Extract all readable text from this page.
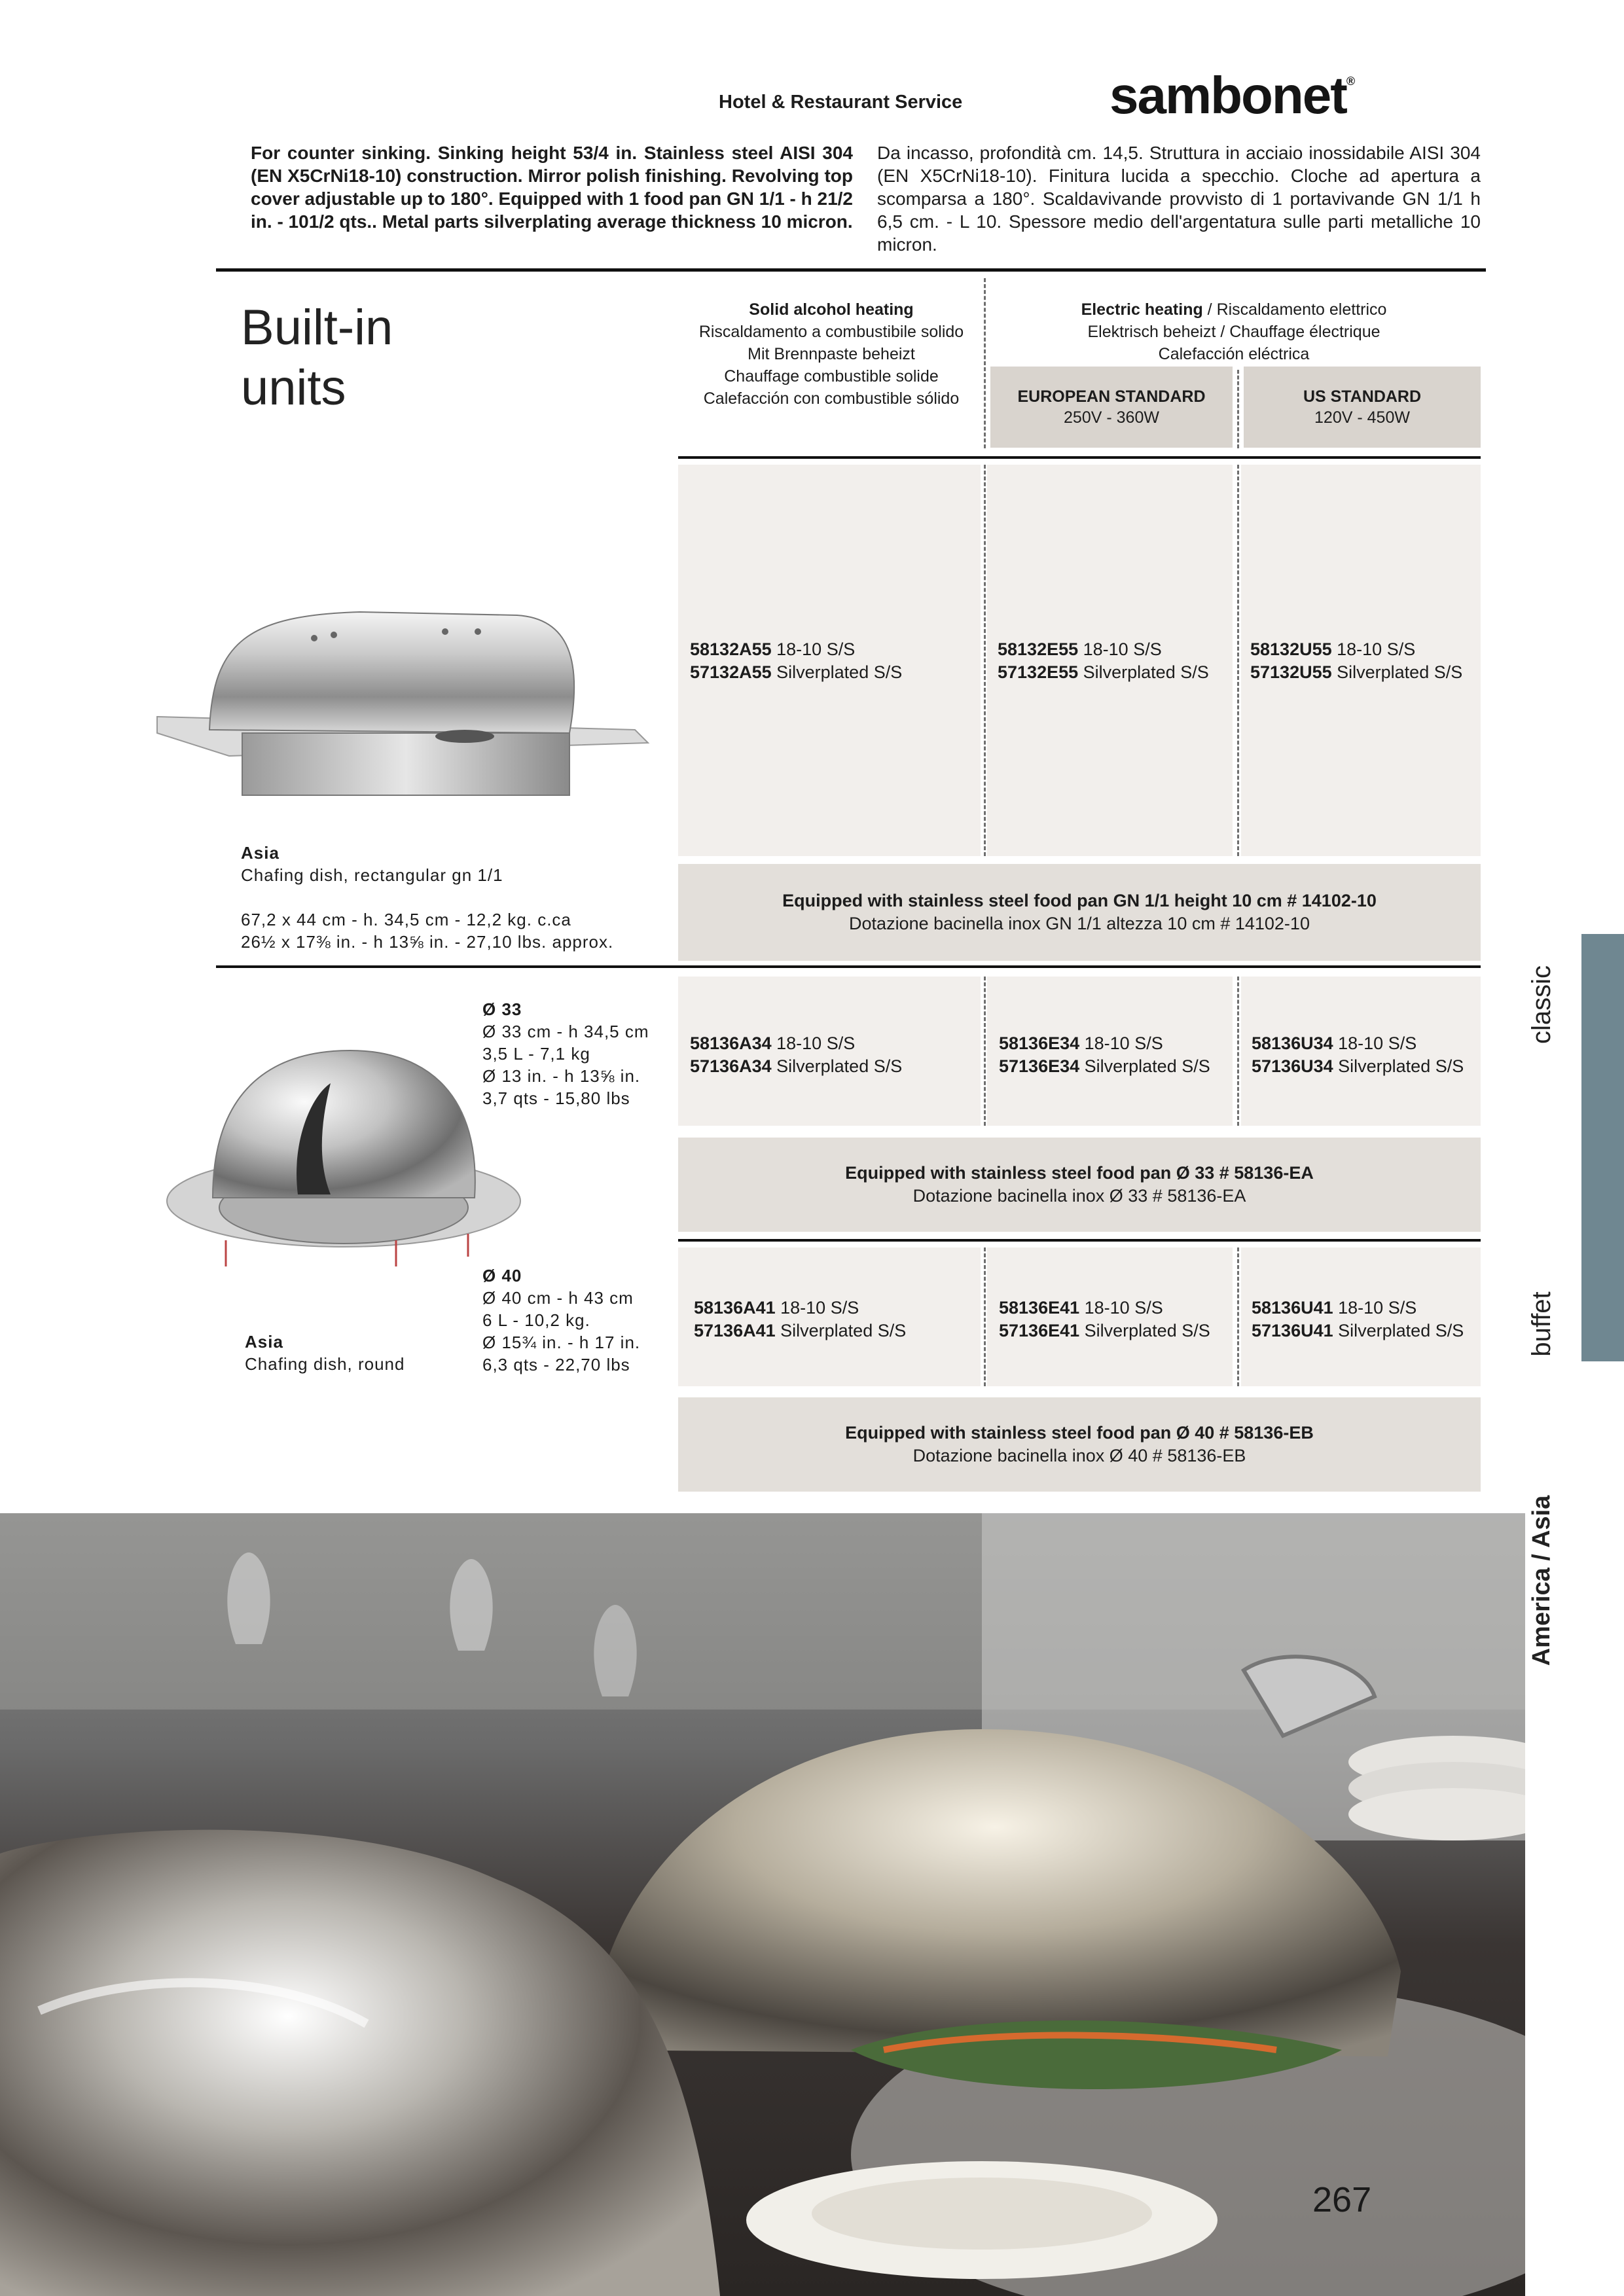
Hotel & Restaurant Service	sambonet®
For counter sinking. Sinking height 53/4 in. Stainless steel AISI 304 (EN X5CrNi18-10) construction. Mirror polish finishing. Revolving top cover adjustable up to 180°. Equipped with 1 food pan GN 1/1 - h 21/2 in. - 101/2 qts.. Metal parts silverplating average thickness 10 micron.
Da incasso, profondità cm. 14,5. Struttura in acciaio inossidabile AISI 304 (EN X5CrNi18-10). Finitura lucida a specchio. Cloche ad apertura a scomparsa a 180°. Scaldavivande provvisto di 1 portavivande GN 1/1 h 6,5 cm. - L 10. Spessore medio dell'argentatura sulle parti metalliche 10 micron.
Built-in
units
Solid alcohol heating
Riscaldamento a combustibile solido
Mit Brennpaste beheizt
Chauffage combustible solide
Calefacción con combustible sólido
Electric heating / Riscaldamento elettrico
Elektrisch beheizt / Chauffage électrique
Calefacción eléctrica
EUROPEAN STANDARD
250V - 360W
US STANDARD
120V - 450W
58132A55 18-10 S/S
57132A55 Silverplated S/S
58132E55 18-10 S/S
57132E55 Silverplated S/S
58132U55 18-10 S/S
57132U55 Silverplated S/S
Equipped with stainless steel food pan GN 1/1 height 10 cm # 14102-10
Dotazione bacinella inox GN 1/1 altezza 10 cm # 14102-10
Asia
Chafing dish, rectangular gn 1/1
67,2 x 44 cm - h. 34,5 cm - 12,2 kg. c.ca
26½ x 17⅜ in. - h 13⅝ in. - 27,10 lbs. approx.
58136A34 18-10 S/S
57136A34 Silverplated S/S
58136E34 18-10 S/S
57136E34 Silverplated S/S
58136U34 18-10 S/S
57136U34 Silverplated S/S
Equipped with stainless steel food pan Ø 33 # 58136-EA
Dotazione bacinella inox Ø 33 # 58136-EA
58136A41 18-10 S/S
57136A41 Silverplated S/S
58136E41 18-10 S/S
57136E41 Silverplated S/S
58136U41 18-10 S/S
57136U41 Silverplated S/S
Equipped with stainless steel food pan Ø 40 # 58136-EB
Dotazione bacinella inox Ø 40 # 58136-EB
Ø 33
Ø 33 cm - h 34,5 cm
3,5 L - 7,1 kg
Ø 13 in. - h 13⅝ in.
3,7 qts - 15,80 lbs
Ø 40
Ø 40 cm - h 43 cm
6 L - 10,2 kg.
Ø 15¾ in. - h 17 in.
6,3 qts - 22,70 lbs
Asia
Chafing dish, round
classic
buffet
America / Asia
267
